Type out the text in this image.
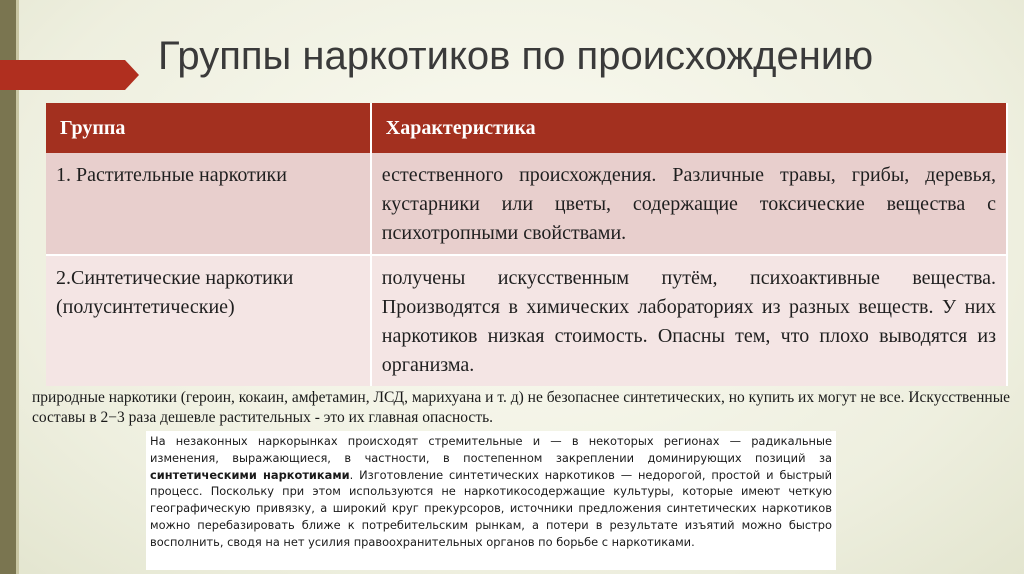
Группы наркотиков по происхождению
Группа	Характеристика
1. Растительные наркотики	естественного происхождения. Различные травы, грибы, деревья, кустарники или цветы, содержащие токсические вещества с психотропными свойствами.
2.Синтетические наркотики (полусинтетические)	получены искусственным путём, психоактивные вещества. Производятся в химических лабораториях из разных веществ. У них наркотиков низкая стоимость. Опасны тем, что плохо выводятся из организма.
природные наркотики (героин, кокаин, амфетамин, ЛСД, марихуана и т. д) не безопаснее синтетических, но купить их могут не все. Искусственные составы в 2−3 раза дешевле растительных - это их главная опасность.
На незаконных наркорынках происходят стремительные и — в некоторых регионах — радикальные изменения, выражающиеся, в частности, в постепенном закреплении доминирующих позиций за синтетическими наркотиками. Изготовление синтетических наркотиков — недорогой, простой и быстрый процесс. Поскольку при этом используются не наркотикосодержащие культуры, которые имеют четкую географическую привязку, а широкий круг прекурсоров, источники предложения синтетических наркотиков можно перебазировать ближе к потребительским рынкам, а потери в результате изъятий можно быстро восполнить, сводя на нет усилия правоохранительных органов по борьбе с наркотиками.
